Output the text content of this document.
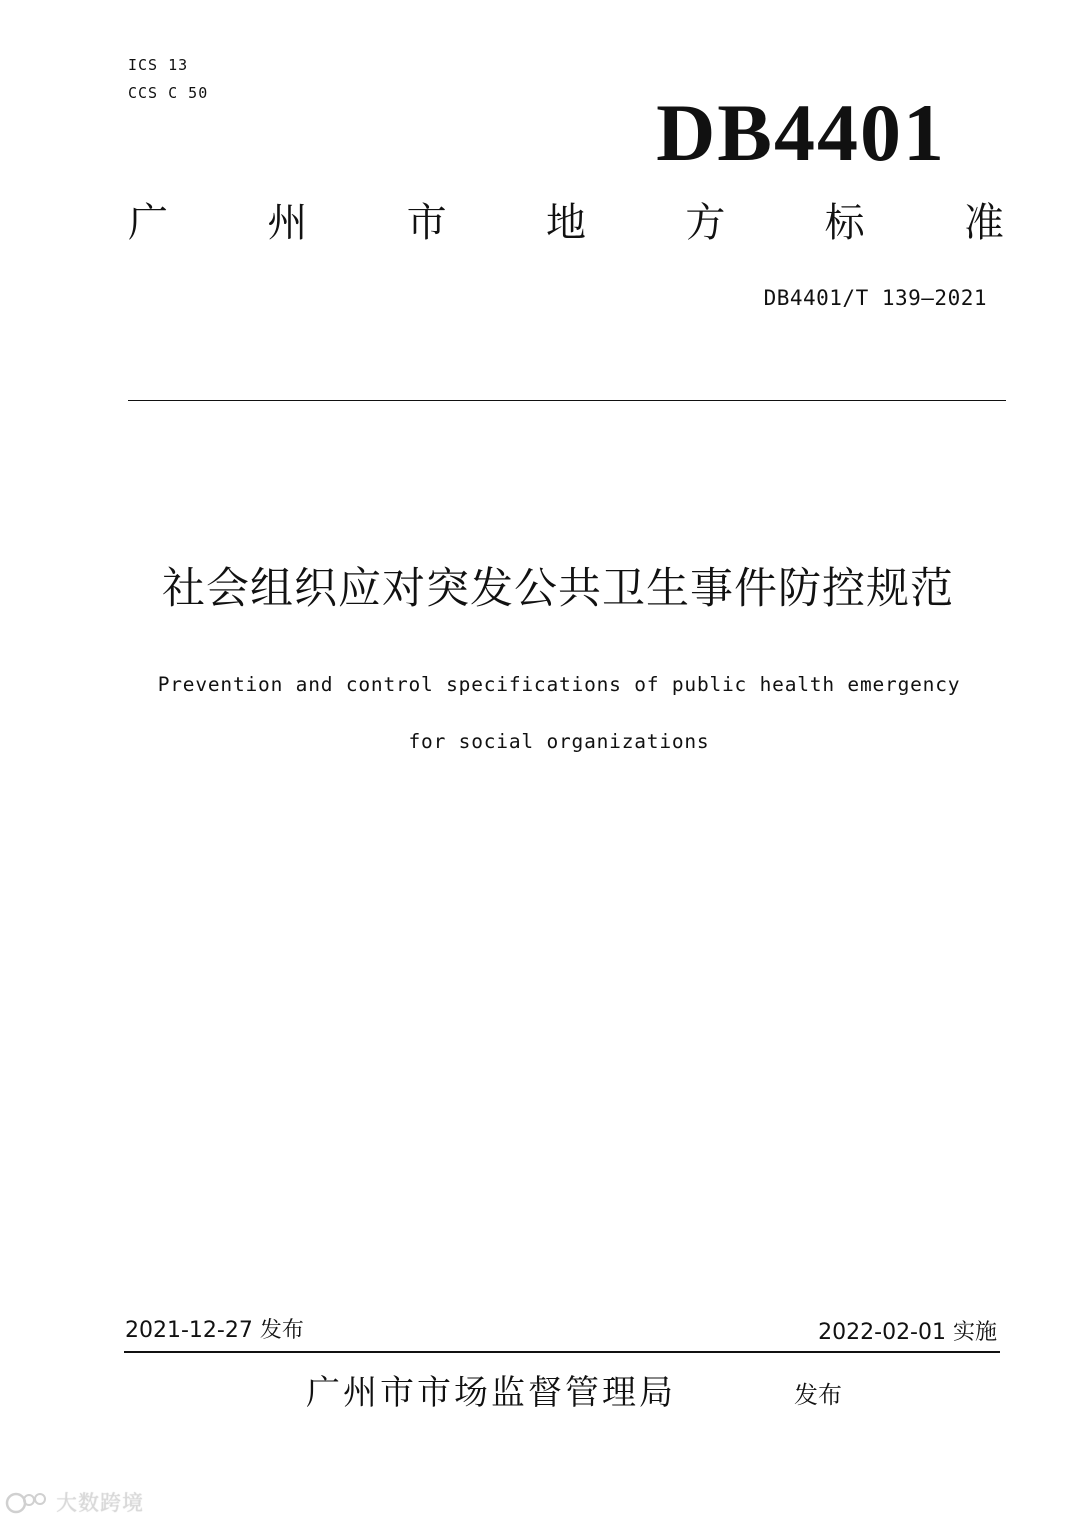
ICS 13
CCS C 50	DB4401
广 州 市 地 方 标 准
DB4401/T 139—2021
社会组织应对突发公共卫生事件防控规范
Prevention and control specifications of public health emergency
for social organizations
2021-12-27 发布	2022-02-01 实施
广州市市场监督管理局	发布
大数跨境
